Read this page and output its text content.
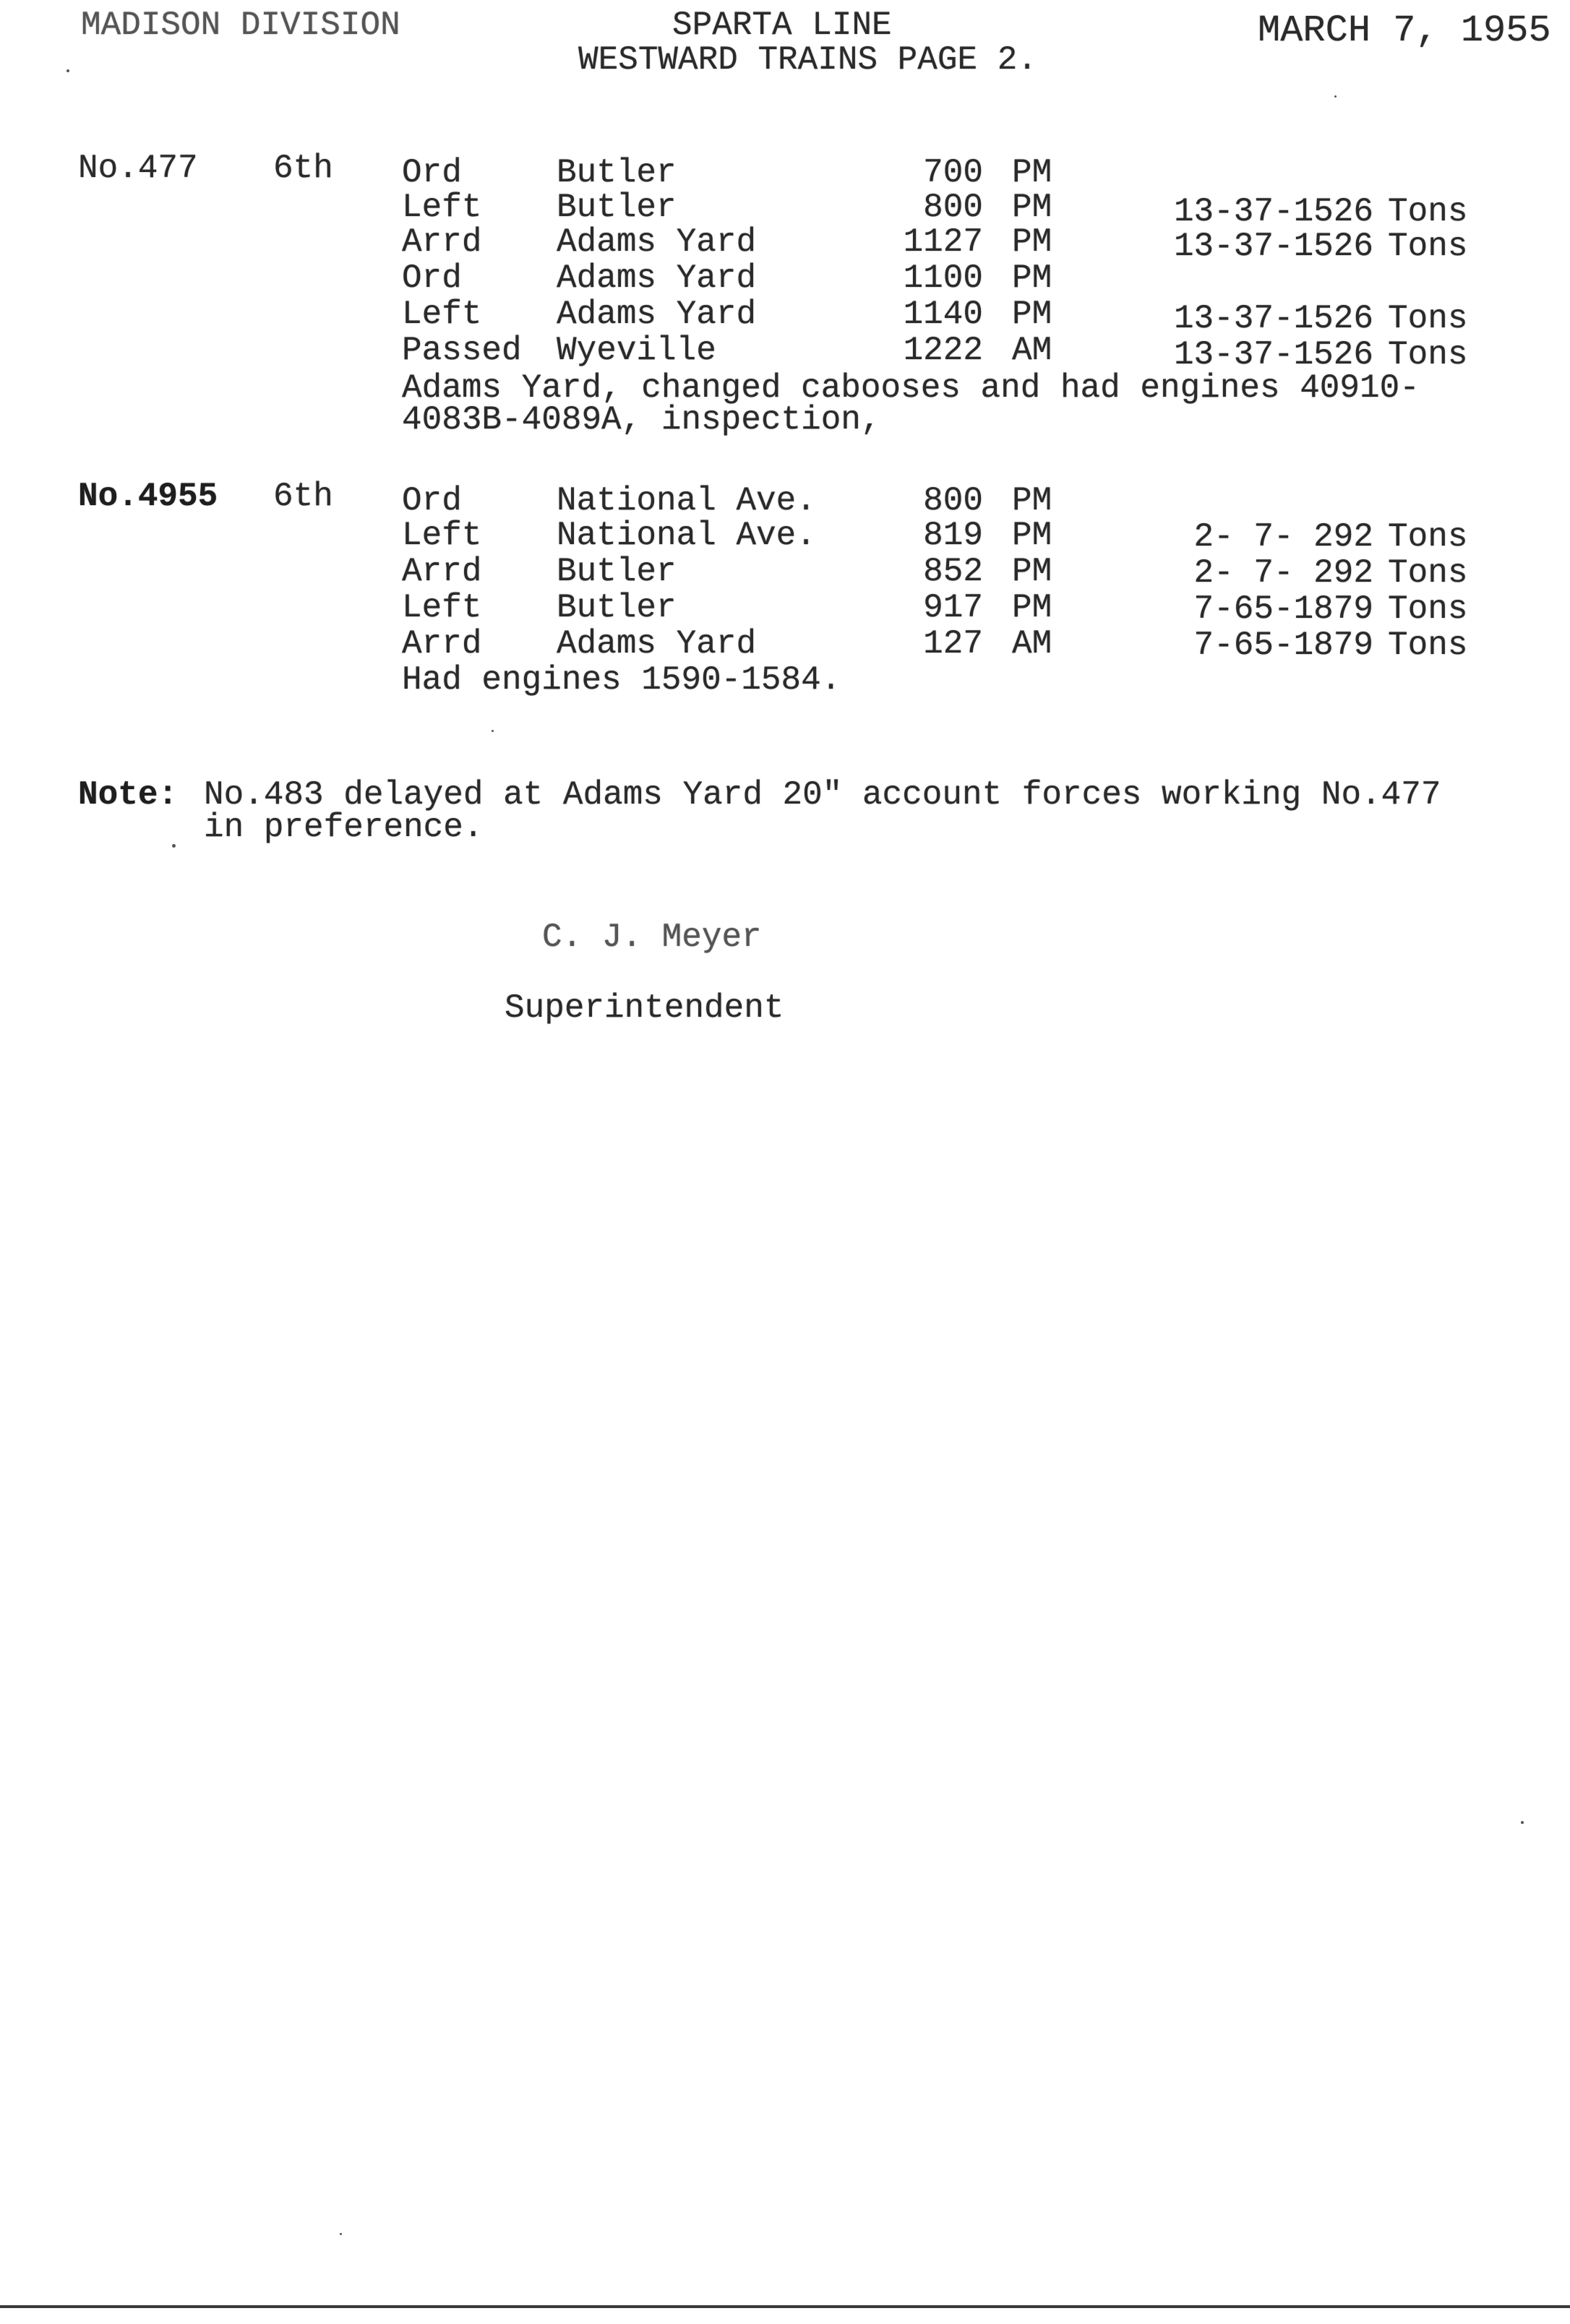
MADISON DIVISION	SPARTA LINE
WESTWARD TRAINS PAGE 2.
MARCH 7, 1955
No.477 6th Ord	Butler	700 PM
Left Butler	800 PM	13-37-1526 Tons
Arrd Adams Yard	1127 PM	13-37-1526 Tons
Ord	Adams Yard	1100 PM
Left Adams Yard	1140 PM	13-37-1526 Tons
Passed Wyeville	1222 AM	13-37-1526 Tons
Adams Yard, changed cabooses and had engines 40910-
4083B-4089A, inspection,
No.4955 6th Ord	National Ave.	800 PM
Left National Ave.	819 PM	2- 7- 292 Tons
Arrd Butler	852 PM	2- 7- 292 Tons
Left Butler	917 PM	7-65-1879 Tons
Arrd Adams Yard	127 AM	7-65-1879 Tons
Had engines 1590-1584.
Note: No.483 delayed at Adams Yard 20" account forces working No.477
in preference.
C. J. Meyer
Superintendent
